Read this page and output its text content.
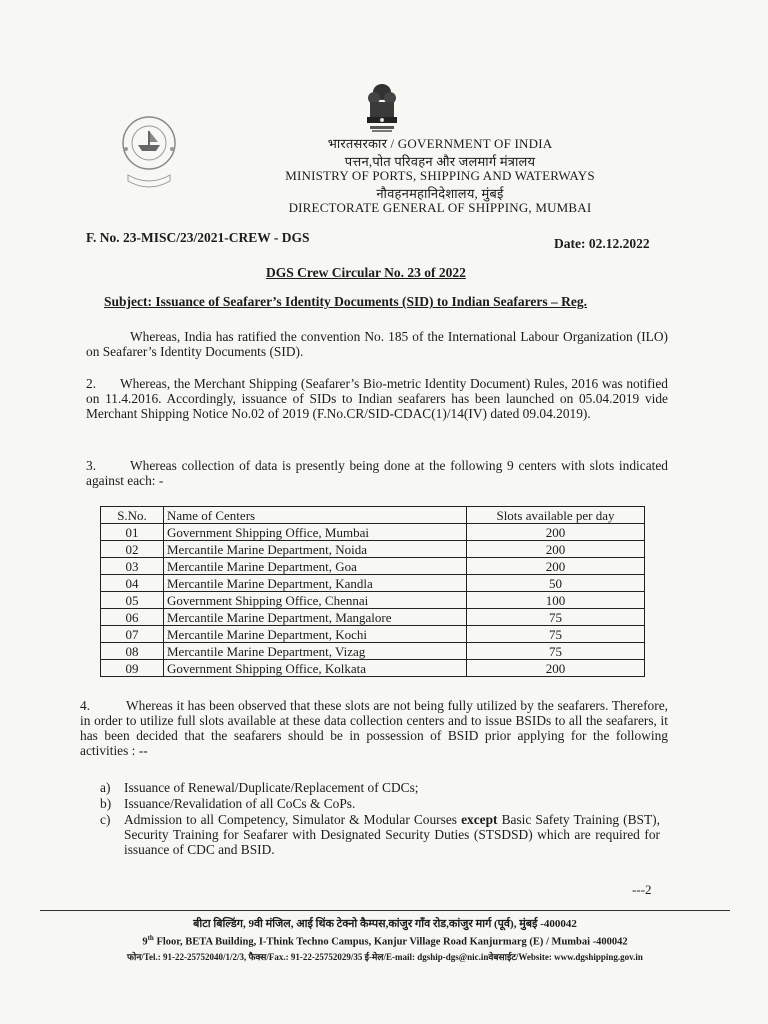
भारतसरकार / GOVERNMENT OF INDIA
पत्तन,पोत परिवहन और जलमार्ग मंत्रालय
MINISTRY OF PORTS, SHIPPING AND WATERWAYS
नौवहनमहानिदेशालय, मुंबई
DIRECTORATE GENERAL OF SHIPPING, MUMBAI
F. No. 23-MISC/23/2021-CREW - DGS	Date: 02.12.2022
DGS Crew Circular No. 23 of 2022
Subject: Issuance of Seafarer’s Identity Documents (SID) to Indian Seafarers – Reg.
Whereas, India has ratified the convention No. 185 of the International Labour Organization (ILO) on Seafarer’s Identity Documents (SID).
2. Whereas, the Merchant Shipping (Seafarer’s Bio-metric Identity Document) Rules, 2016 was notified on 11.4.2016. Accordingly, issuance of SIDs to Indian seafarers has been launched on 05.04.2019 vide Merchant Shipping Notice No.02 of 2019 (F.No.CR/SID-CDAC(1)/14(IV) dated 09.04.2019).
3.	Whereas collection of data is presently being done at the following 9 centers with slots indicated against each: -
S.No.	Name of Centers	Slots available per day
01	Government Shipping Office, Mumbai	200
02	Mercantile Marine Department, Noida	200
03	Mercantile Marine Department, Goa	200
04	Mercantile Marine Department, Kandla	50
05	Government Shipping Office, Chennai	100
06	Mercantile Marine Department, Mangalore	75
07	Mercantile Marine Department, Kochi	75
08	Mercantile Marine Department, Vizag	75
09	Government Shipping Office, Kolkata	200
4.	Whereas it has been observed that these slots are not being fully utilized by the seafarers. Therefore, in order to utilize full slots available at these data collection centers and to issue BSIDs to all the seafarers, it has been decided that the seafarers should be in possession of BSID prior applying for the following activities : --
a)	Issuance of Renewal/Duplicate/Replacement of CDCs;
b) Issuance/Revalidation of all CoCs & CoPs.
c)	Admission to all Competency, Simulator & Modular Courses except Basic Safety Training (BST), Security Training for Seafarer with Designated Security Duties (STSDSD) which are required for issuance of CDC and BSID.
---2
बीटा बिल्डिंग, 9वी मंजिल, आई थिंक टेक्नो कैम्पस,कांजुर गाँव रोड,कांजुर मार्ग (पूर्व), मुंबई -400042
9th Floor, BETA Building, I-Think Techno Campus, Kanjur Village Road Kanjurmarg (E) / Mumbai -400042
फोन/Tel.: 91-22-25752040/1/2/3, फैक्स/Fax.: 91-22-25752029/35 ई-मेल/E-mail: dgship-dgs@nic.inवेबसाईट/Website: www.dgshipping.gov.in
